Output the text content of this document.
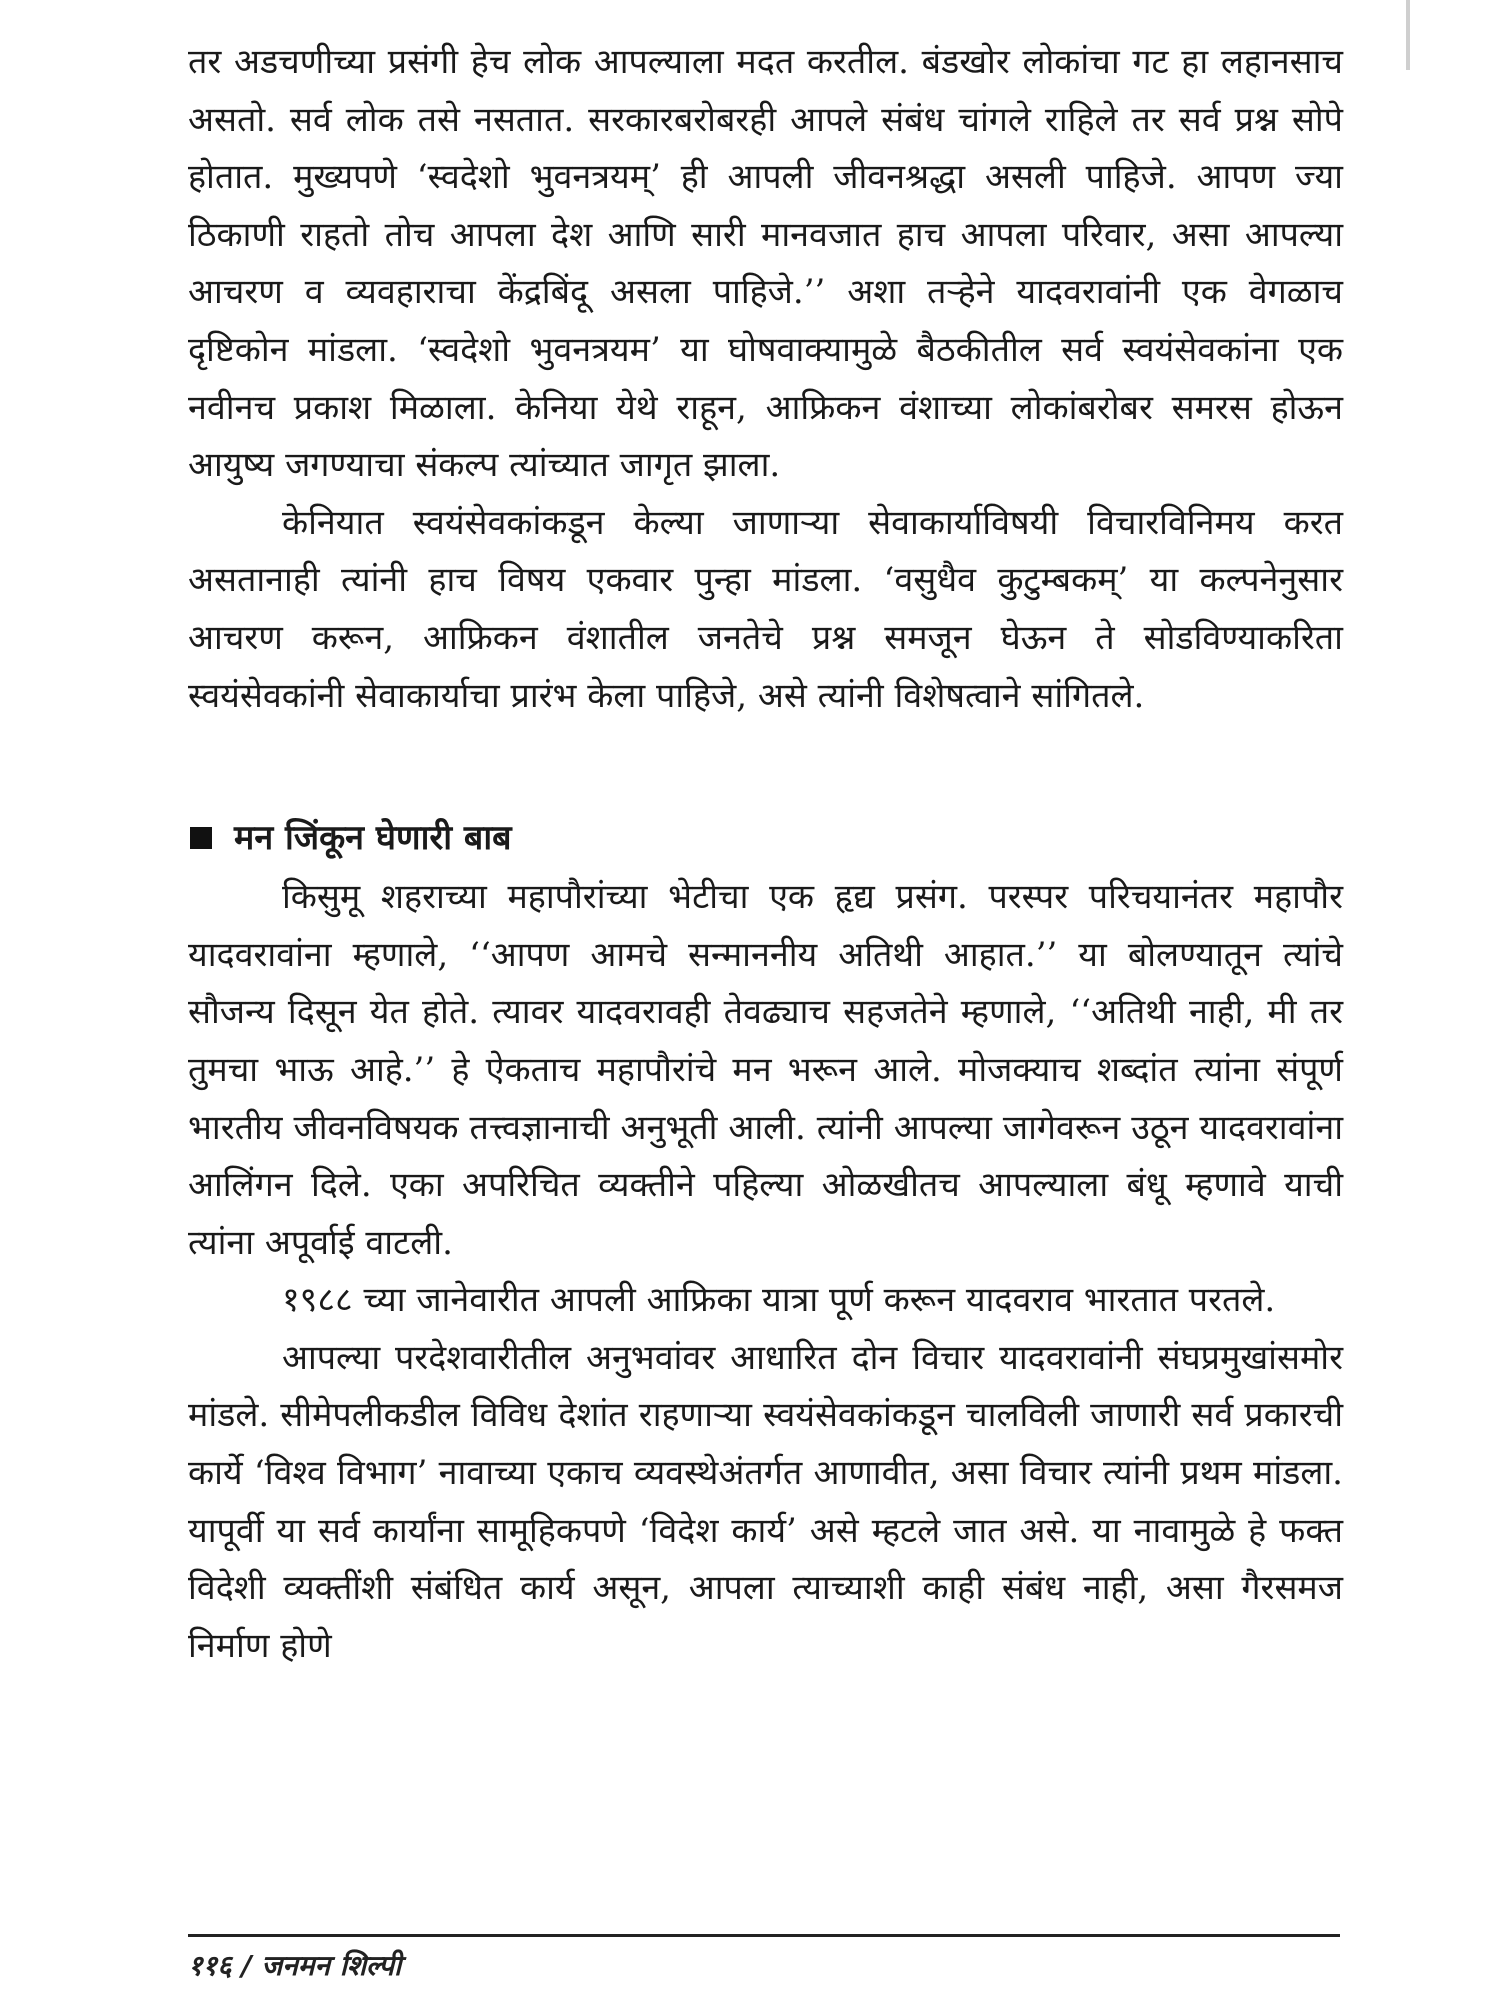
तर अडचणीच्या प्रसंगी हेच लोक आपल्याला मदत करतील. बंडखोर लोकांचा गट हा लहानसाच असतो. सर्व लोक तसे नसतात. सरकारबरोबरही आपले संबंध चांगले राहिले तर सर्व प्रश्न सोपे होतात. मुख्यपणे ‘स्वदेशो भुवनत्रयम्’ ही आपली जीवनश्रद्धा असली पाहिजे. आपण ज्या ठिकाणी राहतो तोच आपला देश आणि सारी मानवजात हाच आपला परिवार, असा आपल्या आचरण व व्यवहाराचा केंद्रबिंदू असला पाहिजे.’’ अशा तऱ्हेने यादवरावांनी एक वेगळाच दृष्टिकोन मांडला. ‘स्वदेशो भुवनत्रयम’ या घोषवाक्यामुळे बैठकीतील सर्व स्वयंसेवकांना एक नवीनच प्रकाश मिळाला. केनिया येथे राहून, आफ्रिकन वंशाच्या लोकांबरोबर समरस होऊन आयुष्य जगण्याचा संकल्प त्यांच्यात जागृत झाला.

केनियात स्वयंसेवकांकडून केल्या जाणाऱ्या सेवाकार्याविषयी विचारविनिमय करत असतानाही त्यांनी हाच विषय एकवार पुन्हा मांडला. ‘वसुधैव कुटुम्बकम्’ या कल्पनेनुसार आचरण करून, आफ्रिकन वंशातील जनतेचे प्रश्न समजून घेऊन ते सोडविण्याकरिता स्वयंसेवकांनी सेवाकार्याचा प्रारंभ केला पाहिजे, असे त्यांनी विशेषत्वाने सांगितले.

मन जिंकून घेणारी बाब

किसुमू शहराच्या महापौरांच्या भेटीचा एक हृद्य प्रसंग. परस्पर परिचयानंतर महापौर यादवरावांना म्हणाले, ‘‘आपण आमचे सन्माननीय अतिथी आहात.’’ या बोलण्यातून त्यांचे सौजन्य दिसून येत होते. त्यावर यादवरावही तेवढ्याच सहजतेने म्हणाले, ‘‘अतिथी नाही, मी तर तुमचा भाऊ आहे.’’ हे ऐकताच महापौरांचे मन भरून आले. मोजक्याच शब्दांत त्यांना संपूर्ण भारतीय जीवनविषयक तत्त्वज्ञानाची अनुभूती आली. त्यांनी आपल्या जागेवरून उठून यादवरावांना आलिंगन दिले. एका अपरिचित व्यक्तीने पहिल्या ओळखीतच आपल्याला बंधू म्हणावे याची त्यांना अपूर्वाई वाटली.

१९८८ च्या जानेवारीत आपली आफ्रिका यात्रा पूर्ण करून यादवराव भारतात परतले.

आपल्या परदेशवारीतील अनुभवांवर आधारित दोन विचार यादवरावांनी संघप्रमुखांसमोर मांडले. सीमेपलीकडील विविध देशांत राहणाऱ्या स्वयंसेवकांकडून चालविली जाणारी सर्व प्रकारची कार्ये ‘विश्व विभाग’ नावाच्या एकाच व्यवस्थेअंतर्गत आणावीत, असा विचार त्यांनी प्रथम मांडला. यापूर्वी या सर्व कार्यांना सामूहिकपणे ‘विदेश कार्य’ असे म्हटले जात असे. या नावामुळे हे फक्त विदेशी व्यक्तींशी संबंधित कार्य असून, आपला त्याच्याशी काही संबंध नाही, असा गैरसमज निर्माण होणे

११६ / जनमन शिल्पी
